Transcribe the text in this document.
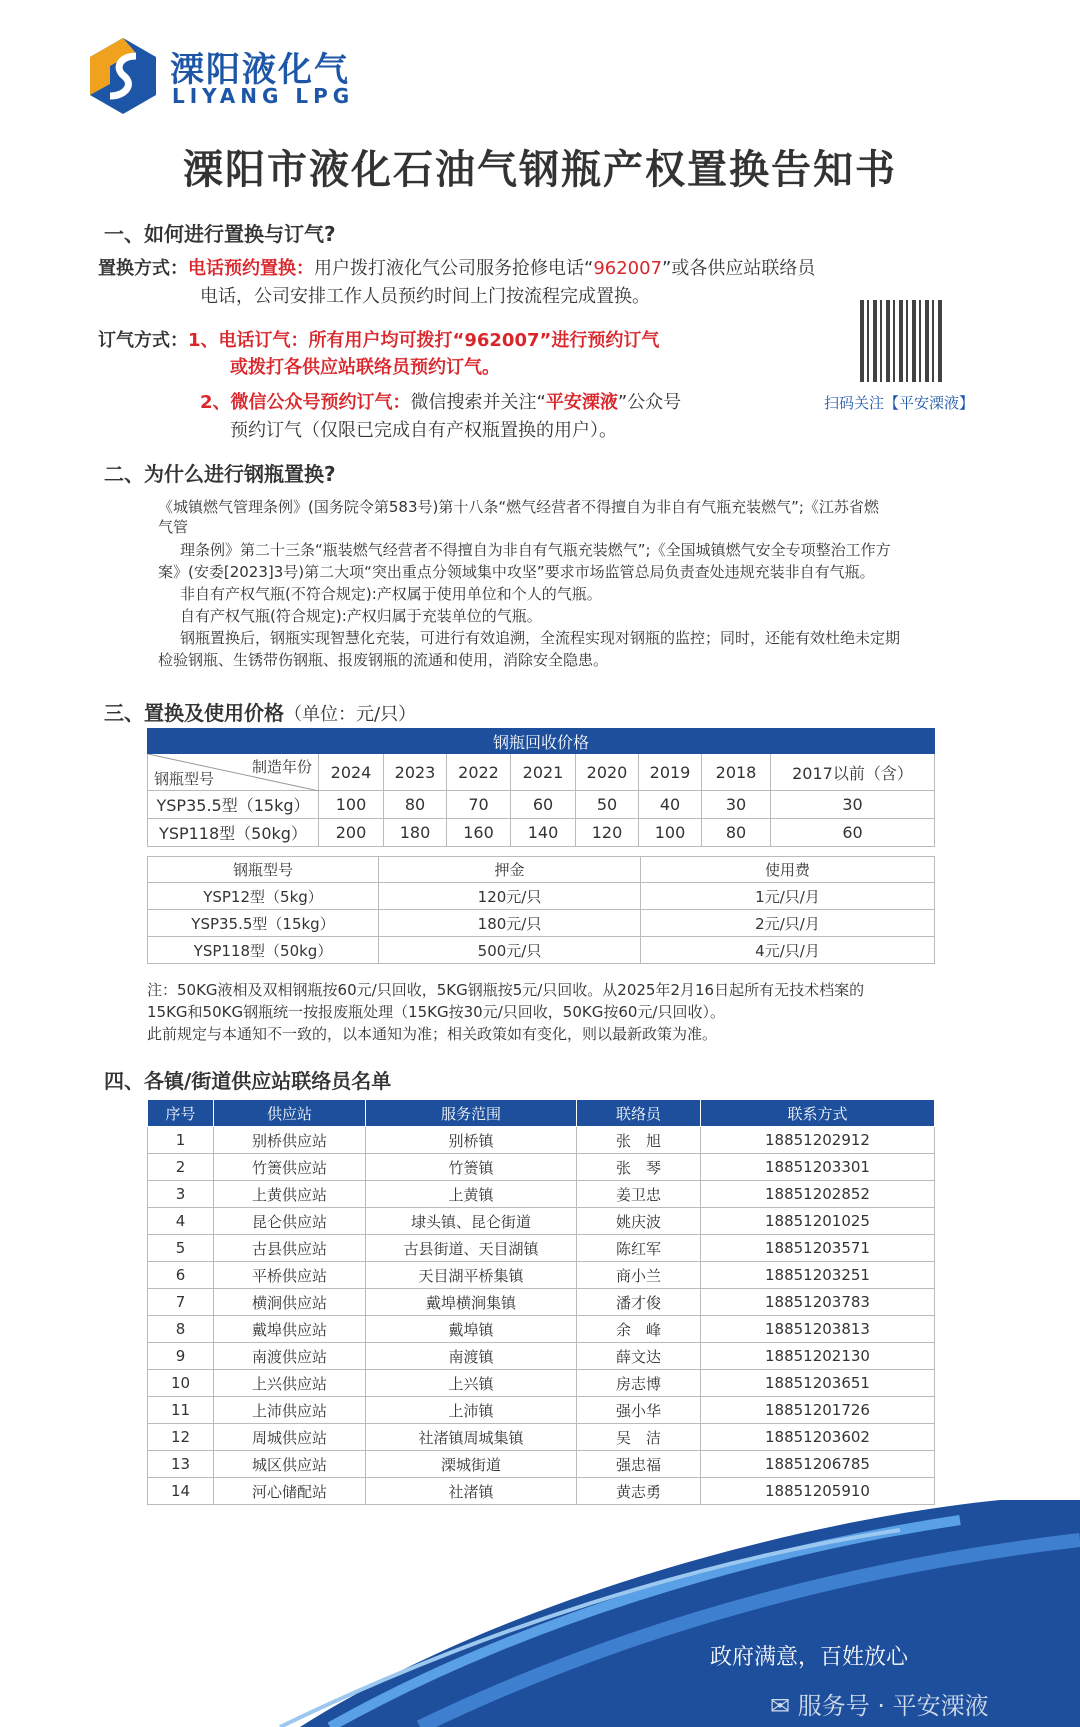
溧阳液化气
LIYANG LPG
溧阳市液化石油气钢瓶产权置换告知书
一、如何进行置换与订气?
置换方式：电话预约置换：用户拨打液化气公司服务抢修电话“962007”或各供应站联络员
电话，公司安排工作人员预约时间上门按流程完成置换。
订气方式：1、电话订气：所有用户均可拨打“962007”进行预约订气
或拨打各供应站联络员预约订气。
2、微信公众号预约订气：微信搜索并关注“平安溧液”公众号
预约订气（仅限已完成自有产权瓶置换的用户）。
扫码关注【平安溧液】
二、为什么进行钢瓶置换?
《城镇燃气管理条例》(国务院令第583号)第十八条“燃气经营者不得擅自为非自有气瓶充装燃气”;《江苏省燃
气管
理条例》第二十三条“瓶装燃气经营者不得擅自为非自有气瓶充装燃气”;《全国城镇燃气安全专项整治工作方
案》(安委[2023]3号)第二大项“突出重点分领域集中攻坚”要求市场监管总局负责查处违规充装非自有气瓶。
非自有产权气瓶(不符合规定):产权属于使用单位和个人的气瓶。
自有产权气瓶(符合规定):产权归属于充装单位的气瓶。
钢瓶置换后，钢瓶实现智慧化充装，可进行有效追溯，全流程实现对钢瓶的监控；同时，还能有效杜绝未定期
检验钢瓶、生锈带伤钢瓶、报废钢瓶的流通和使用，消除安全隐患。
三、置换及使用价格（单位：元/只）
钢瓶回收价格								

制造年份
钢瓶型号	2024	2023	2022	2021	2020	2019	2018	2017以前（含）
YSP35.5型（15kg）	100	80	70	60	50	40	30	30
YSP118型（50kg）	200	180	160	140	120	100	80	60
钢瓶型号	押金	使用费
YSP12型（5kg）	120元/只	1元/只/月
YSP35.5型（15kg）	180元/只	2元/只/月
YSP118型（50kg）	500元/只	4元/只/月
注：50KG液相及双相钢瓶按60元/只回收，5KG钢瓶按5元/只回收。从2025年2月16日起所有无技术档案的
15KG和50KG钢瓶统一按报废瓶处理（15KG按30元/只回收，50KG按60元/只回收）。
此前规定与本通知不一致的，以本通知为准；相关政策如有变化，则以最新政策为准。
四、各镇/街道供应站联络员名单
序号	供应站	服务范围	联络员	联系方式
1	别桥供应站	别桥镇	张　旭	18851202912
2	竹箦供应站	竹箦镇	张　琴	18851203301
3	上黄供应站	上黄镇	姜卫忠	18851202852
4	昆仑供应站	埭头镇、昆仑街道	姚庆波	18851201025
5	古县供应站	古县街道、天目湖镇	陈红军	18851203571
6	平桥供应站	天目湖平桥集镇	商小兰	18851203251
7	横涧供应站	戴埠横涧集镇	潘才俊	18851203783
8	戴埠供应站	戴埠镇	余　峰	18851203813
9	南渡供应站	南渡镇	薛文达	18851202130
10	上兴供应站	上兴镇	房志博	18851203651
11	上沛供应站	上沛镇	强小华	18851201726
12	周城供应站	社渚镇周城集镇	吴　洁	18851203602
13	城区供应站	溧城街道	强忠福	18851206785
14	河心储配站	社渚镇	黄志勇	18851205910
政府满意，百姓放心
✉ 服务号 · 平安溧液
